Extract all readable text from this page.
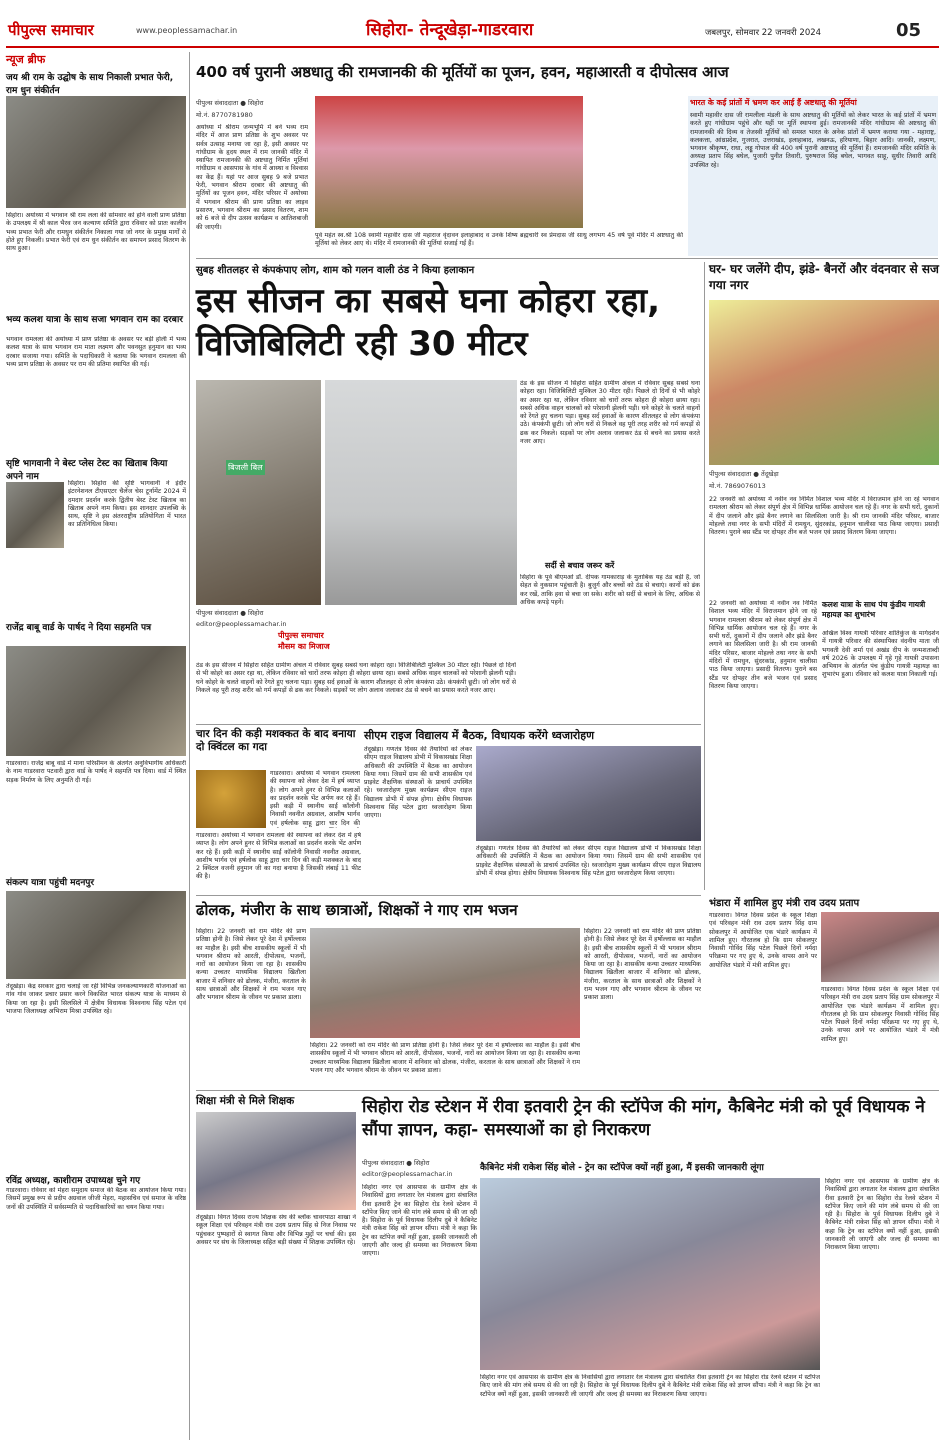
पीपुल्स समाचार	www.peoplessamachar.in	सिहोरा- तेन्दूखेड़ा-गाडरवारा	जबलपुर, सोमवार 22 जनवरी 2024	05
न्यूज ब्रीफ
जय श्री राम के उद्घोष के साथ निकाली प्रभात फेरी, राम धुन संकीर्तन
सिहोरा। अयोध्या में भगवान श्री राम लला की सोमवार को होने वाली प्राण प्रतिष्ठा के उपलक्ष्य में श्री काल भैरव जन कल्याण समिति द्वारा रविवार को प्रातः कालीन भव्य प्रभात फेरी और रामधुन संकीर्तन निकाला गया जो नगर के प्रमुख मार्गों से होते हुए निकली। प्रभात फेरी एवं राम धुन संकीर्तन का समापन प्रसाद वितरण के साथ हुआ।
भव्य कलश यात्रा के साथ सजा भगवान राम का दरबार
भगवान रामलला की अयोध्या में प्राण प्रतिष्ठा के अवसर पर बड़ी होली में भव्य कलश यात्रा के साथ भगवान राम माता लक्ष्मण और पवनसुत हनुमान का भव्य दरबार सजाया गया। समिति के पदाधिकारी ने बताया कि भगवान रामलला की भव्य प्राण प्रतिष्ठा के अवसर पर राम की प्रतिमा स्थापित की गई।
सृष्टि भागवानी ने बेस्ट प्लेस टेस्ट का खिताब किया अपने नाम
सिहोरा। सिहोरा की सृष्टि भागवानी ने इंदौर इंटरनेशनल टीएसएटर चैलेंज चेस टूर्नामेंट 2024 में दमदार प्रदर्शन करके द्वितीय बेस्ट टेस्ट खिताब का खिताब अपने नाम किया। इस शानदार उपलब्धि के साथ, सृष्टि ने इस अंतरराष्ट्रीय प्रतियोगिता में भारत का प्रतिनिधित्व किया।
राजेंद्र बाबू वार्ड के पार्षद ने दिया सहमति पत्र
गाडरवारा। राजेंद्र बाबू वार्ड में माना परिसीमन के अंतर्गत अनुविभागीय अधिकारी के नाम गाडरवारा पटवारी द्वारा वार्ड के पार्षद ने सहमति पत्र दिया। वार्ड में स्थित सड़क निर्माण के लिए अनुमति दी गई।
संकल्प यात्रा पहुंची मदनपुर
तेंदूखेड़ा। केंद्र सरकार द्वारा चलाई जा रही विभिन्न जनकल्याणकारी योजनाओं का गांव गांव जाकर प्रचार प्रसार करने विकसित भारत संकल्प यात्रा के माध्यम से किया जा रहा है। इसी सिलसिले में क्षेत्रीय विधायक विश्वनाथ सिंह पटेल एवं भाजपा जिलाध्यक्ष अभिराम मिश्रा उपस्थित रहे।
रविंद्र अध्यक्ष, काशीराम उपाध्यक्ष चुने गए
गाडरवारा। रविवार को मेहरा समुदाय समाज की बैठक का आयोजन किया गया। जिसमें प्रमुख रूप से प्रदीप अग्रवाल जीजी मेहरा, महासचिव एवं समाज के वरिष्ठ जनों की उपस्थिति में सर्वसम्मति से पदाधिकारियों का चयन किया गया।
400 वर्ष पुरानी अष्ठधातु की रामजानकी की मूर्तियों का पूजन, हवन, महाआरती व दीपोत्सव आज
पीपुल्स संवाददाता ● सिहोरा
मो.नं. 8770781980
अयोध्या में श्रीराम जन्मभूमि में बने भव्य राम मंदिर में आज प्राण प्रतिष्ठा के शुभ अवसर पर सर्वत्र उत्साह मनाया जा रहा है, इसी अवसर पर गांधीग्राम के हृदय स्थल में राम जानकी मंदिर में स्थापित रामजानकी की अष्टधातु निर्मित मूर्तियां गांधीग्राम व आसपास के गांव में आस्था व विश्वास का केंद्र हैं। यहां पर आज सुबह 9 बजे प्रभात फेरी, भगवान श्रीराम दरबार की अष्टधातु की मूर्तियों का पूजन हवन, मंदिर परिसर में अयोध्या में भगवान श्रीराम की प्राण प्रतिष्ठा का लाइव प्रसारण, भगवान श्रीराम का प्रसाद वितरण, शाम को 6 बजे से दीप उत्सव कार्यक्रम व आतिशबाजी की जाएगी।
पूर्व महंत स्व.श्री 108 स्वामी महावीर दास जी महाराज वृंदावन इलाहाबाद व उनके शिष्य ब्रह्मचारी स्व प्रेमदास जी साधु लगभग 45 वर्ष पूर्व मंदिर में अष्टधातु की मूर्तियां को लेकर आए थे। मंदिर में रामजानकी की मूर्तियां सजाई गईं हैं।
भारत के कई प्रांतों में भ्रमण कर आई हैं अष्टधातु की मूर्तियां
स्वामी महावीर दास जी रामलीला मंडली के साथ अष्टधातु की मूर्तियों को लेकर भारत के कई प्रांतों में भ्रमण करते हुए गांधीग्राम पहुंचे और यहीं पर मूर्ति स्थापना हुई। रामजानकी मंदिर गांधीग्राम की अष्टधातु की रामजानकी की दिव्य व तेजस्वी मूर्तियों को समस्त भारत के अनेक प्रांतों में भ्रमण कराया गया - महाराष्ट्र, कलकत्ता, आंध्रप्रदेश, गुजरात, उत्तराखंड, इलाहाबाद, लखनऊ, हरियाणा, बिहार आदि। जानकी, लक्ष्मण, भगवान श्रीकृष्ण, राधा, लड्डू गोपाल की 400 वर्ष पुरानी अष्टधातु की मूर्तियां हैं। रामजानकी मंदिर समिति के अध्यक्ष प्रताप सिंह बघेल, पुजारी पुनीत तिवारी, पुरुषराज सिंह बघेल, भागवत साहू, सुधीर तिवारी आदि उपस्थित रहे।
सुबह शीतलहर से कंपकंपाए लोग, शाम को गलन वाली ठंड ने किया हलाकान
इस सीजन का सबसे घना कोहरा रहा, विजिबिलिटी रही 30 मीटर
बिजली बिल
पीपुल्स संवाददाता ● सिहोरा
editor@peoplessamachar.in
पीपुल्स समाचार
मौसम का मिजाज
ठंड के इस सीजन में सिहोरा सहित ग्रामीण अंचल में रविवार सुबह सबसे घना कोहरा रहा। विजिबिलिटी मुश्किल 30 मीटर रही। पिछले दो दिनों से भी कोहरे का असर रहा था, लेकिन रविवार को चारों तरफ कोहरा ही कोहरा छाया रहा। सबसे अधिक वाहन चालकों को परेशानी झेलनी पड़ी। घने कोहरे के चलते वाहनों को रेंगते हुए चलना पड़ा। सुबह सर्द हवाओं के कारण शीतलहर से लोग कंपकंपा उठे। कंपकंपी छूटी। जो लोग घरों से निकले वह पूरी तरह शरीर को गर्म कपड़ों से ढक कर निकले। सड़कों पर लोग अलाव जलाकर ठंड से बचने का प्रयास करते नजर आए।
ठंड के इस सीजन में सिहोरा सहित ग्रामीण अंचल में रविवार सुबह सबसे घना कोहरा रहा। विजिबिलिटी मुश्किल 30 मीटर रही। पिछले दो दिनों से भी कोहरे का असर रहा था, लेकिन रविवार को चारों तरफ कोहरा ही कोहरा छाया रहा। सबसे अधिक वाहन चालकों को परेशानी झेलनी पड़ी। घने कोहरे के चलते वाहनों को रेंगते हुए चलना पड़ा। सुबह सर्द हवाओं के कारण शीतलहर से लोग कंपकंपा उठे। कंपकंपी छूटी। जो लोग घरों से निकले वह पूरी तरह शरीर को गर्म कपड़ों से ढक कर निकले। सड़कों पर लोग अलाव जलाकर ठंड से बचने का प्रयास करते नजर आए।
सर्दी से बचाव जरूर करें
सिहोरा के पूर्व बीएमओ डॉ. दीपक गामकाराड़ के मुताबिक यह ठंड बड़ी है, जो सेहत से नुकसान पहुंचाती है। बुजुर्ग और बच्चों को ठंड से बचाएं। कानों को ढंक कर रखें, ताकि हवा से बचा जा सके। शरीर को सर्दी से बचाने के लिए, अधिक से अधिक कपड़े पहनें।
घर- घर जलेंगे दीप, झंडे- बैनरों और वंदनवार से सज गया नगर
पीपुल्स संवाददाता ● तेंदूखेड़ा
मो.नं. 7869076013
22 जनवरी को अयोध्या में नवीन नव निर्मित विशाल भव्य मंदिर में विराजमान होने जा रहे भगवान रामलला श्रीराम को लेकर संपूर्ण क्षेत्र में विभिन्न धार्मिक आयोजन चल रहे हैं। नगर के सभी घरों, दुकानों में दीप जलाने और झंडे बैनर लगाने का सिलसिला जारी है। श्री राम जानकी मंदिर परिसर, बाजार मोहल्ले तथा नगर के सभी मंदिरों में रामधुन, सुंदरकांड, हनुमान चालीसा पाठ किया जाएगा। प्रसादी वितरण। पुराने बस स्टैंड पर दोपहर तीन बजे भजन एवं प्रसाद वितरण किया जाएगा।
कलश यात्रा के साथ पंच कुंडीय गायत्री महायज्ञ का शुभारंभ
अखिल विश्व गायत्री परिवार शांतिकुंज के मार्गदर्शन में गायत्री परिवार की संस्थापिका वंदनीय माता जी भगवती देवी शर्मा एवं अखंड दीप के जन्मशताब्दी वर्ष 2026 के उपलक्ष्य में गृहे गृहे गायत्री उपासना अभियान के अंतर्गत पंच कुंडीय गायत्री महायज्ञ का शुभारंभ हुआ। रविवार को कलश यात्रा निकाली गई।
22 जनवरी को अयोध्या में नवीन नव निर्मित विशाल भव्य मंदिर में विराजमान होने जा रहे भगवान रामलला श्रीराम को लेकर संपूर्ण क्षेत्र में विभिन्न धार्मिक आयोजन चल रहे हैं। नगर के सभी घरों, दुकानों में दीप जलाने और झंडे बैनर लगाने का सिलसिला जारी है। श्री राम जानकी मंदिर परिसर, बाजार मोहल्ले तथा नगर के सभी मंदिरों में रामधुन, सुंदरकांड, हनुमान चालीसा पाठ किया जाएगा। प्रसादी वितरण। पुराने बस स्टैंड पर दोपहर तीन बजे भजन एवं प्रसाद वितरण किया जाएगा।
चार दिन की कड़ी मशक्कत के बाद बनाया दो क्विंटल का गदा
गाडरवारा। अयोध्या में भगवान रामलला की स्थापना को लेकर देश में हर्ष व्याप्त है। लोग अपने हुनर से विभिन्न कलाओं का प्रदर्शन करके भेंट अर्पण कर रहे हैं। इसी कड़ी में स्थानीय साईं कॉलोनी निवासी नवनीत अग्रवाल, आशीष भार्गव एवं हर्षलोक साहू द्वारा चार दिन की
गाडरवारा। अयोध्या में भगवान रामलला की स्थापना को लेकर देश में हर्ष व्याप्त है। लोग अपने हुनर से विभिन्न कलाओं का प्रदर्शन करके भेंट अर्पण कर रहे हैं। इसी कड़ी में स्थानीय साईं कॉलोनी निवासी नवनीत अग्रवाल, आशीष भार्गव एवं हर्षलोक साहू द्वारा चार दिन की कड़ी मशक्कत के बाद 2 क्विंटल वजनी हनुमान जी का गदा बनाया है जिसकी लंबाई 11 फीट की है।
सीएम राइज विद्यालय में बैठक, विधायक करेंगे ध्वजारोहण
तेंदूखेड़ा। गणतंत्र दिवस की तैयारियों को लेकर सीएम राइज विद्यालय डोभी में विकासखंड शिक्षा अधिकारी की उपस्थिति में बैठक का आयोजन किया गया। जिसमें ग्राम की सभी शासकीय एवं प्राइवेट शैक्षणिक संस्थाओं के प्राचार्य उपस्थित रहे। ध्वजारोहण मुख्य कार्यक्रम सीएम राइज विद्यालय डोभी में संपन्न होगा। क्षेत्रीय विधायक विश्वनाथ सिंह पटेल द्वारा ध्वजारोहण किया जाएगा।
तेंदूखेड़ा। गणतंत्र दिवस की तैयारियों को लेकर सीएम राइज विद्यालय डोभी में विकासखंड शिक्षा अधिकारी की उपस्थिति में बैठक का आयोजन किया गया। जिसमें ग्राम की सभी शासकीय एवं प्राइवेट शैक्षणिक संस्थाओं के प्राचार्य उपस्थित रहे। ध्वजारोहण मुख्य कार्यक्रम सीएम राइज विद्यालय डोभी में संपन्न होगा। क्षेत्रीय विधायक विश्वनाथ सिंह पटेल द्वारा ध्वजारोहण किया जाएगा।
ढोलक, मंजीरा के साथ छात्राओं, शिक्षकों ने गाए राम भजन
सिहोरा। 22 जनवरी को राम मंदिर की प्राण प्रतिष्ठा होनी है। जिसे लेकर पूरे देश में हर्षोल्लास का माहौल है। इसी बीच शासकीय स्कूलों में भी भगवान श्रीराम को आरती, दीपोत्सव, भजनों, नारों का आयोजन किया जा रहा है। शासकीय कन्या उच्चतर माध्यमिक विद्यालय खितौला बाजार में शनिवार को ढोलक, मंजीरा, करताल के साथ छात्राओं और शिक्षकों ने राम भजन गाए और भगवान श्रीराम के जीवन पर प्रकाश डाला।
सिहोरा। 22 जनवरी को राम मंदिर की प्राण प्रतिष्ठा होनी है। जिसे लेकर पूरे देश में हर्षोल्लास का माहौल है। इसी बीच शासकीय स्कूलों में भी भगवान श्रीराम को आरती, दीपोत्सव, भजनों, नारों का आयोजन किया जा रहा है। शासकीय कन्या उच्चतर माध्यमिक विद्यालय खितौला बाजार में शनिवार को ढोलक, मंजीरा, करताल के साथ छात्राओं और शिक्षकों ने राम भजन गाए और भगवान श्रीराम के जीवन पर प्रकाश डाला।
सिहोरा। 22 जनवरी को राम मंदिर की प्राण प्रतिष्ठा होनी है। जिसे लेकर पूरे देश में हर्षोल्लास का माहौल है। इसी बीच शासकीय स्कूलों में भी भगवान श्रीराम को आरती, दीपोत्सव, भजनों, नारों का आयोजन किया जा रहा है। शासकीय कन्या उच्चतर माध्यमिक विद्यालय खितौला बाजार में शनिवार को ढोलक, मंजीरा, करताल के साथ छात्राओं और शिक्षकों ने राम भजन गाए और भगवान श्रीराम के जीवन पर प्रकाश डाला।
भंडारा में शामिल हुए मंत्री राव उदय प्रताप
गाडरवारा। विगत दिवस प्रदेश के स्कूल शिक्षा एवं परिवहन मंत्री राव उदय प्रताप सिंह ग्राम सोकलपुर में आयोजित एक भंडारे कार्यक्रम में शामिल हुए। गौरतलब हो कि ग्राम सोकलपुर निवासी गोविंद सिंह पटेल पिछले दिनों नर्मदा परिक्रमा पर गए हुए थे, उनके वापस आने पर आयोजित भंडारे में मंत्री शामिल हुए।
गाडरवारा। विगत दिवस प्रदेश के स्कूल शिक्षा एवं परिवहन मंत्री राव उदय प्रताप सिंह ग्राम सोकलपुर में आयोजित एक भंडारे कार्यक्रम में शामिल हुए। गौरतलब हो कि ग्राम सोकलपुर निवासी गोविंद सिंह पटेल पिछले दिनों नर्मदा परिक्रमा पर गए हुए थे, उनके वापस आने पर आयोजित भंडारे में मंत्री शामिल हुए।
शिक्षा मंत्री से मिले शिक्षक
तेंदूखेड़ा। विगत दिवस राज्य शिक्षक संघ की ब्लॉक चावरपाठा शाखा ने स्कूल शिक्षा एवं परिवहन मंत्री राव उदय प्रताप सिंह से निज निवास पर पहुंचकर पुष्पहारों से स्वागत किया और विभिन्न मुद्दों पर चर्चा की। इस अवसर पर संघ के जिलाध्यक्ष सहित बड़ी संख्या में शिक्षक उपस्थित रहे।
सिहोरा रोड स्टेशन में रीवा इतवारी ट्रेन की स्टॉपेज की मांग, कैबिनेट मंत्री को पूर्व विधायक ने सौंपा ज्ञापन, कहा- समस्याओं का हो निराकरण
पीपुल्स संवाददाता ● सिहोरा
editor@peoplessamachar.in
कैबिनेट मंत्री राकेश सिंह बोले - ट्रेन का स्टॉपेज क्यों नहीं हुआ, मैं इसकी जानकारी लूंगा
सिहोरा नगर एवं आसपास के ग्रामीण क्षेत्र के निवासियों द्वारा लगातार रेल मंत्रालय द्वारा संचालित रीवा इतवारी ट्रेन का सिहोरा रोड रेलवे स्टेशन में स्टॉपेज किए जाने की मांग लंबे समय से की जा रही है। सिहोरा के पूर्व विधायक दिलीप दुबे ने कैबिनेट मंत्री राकेश सिंह को ज्ञापन सौंपा। मंत्री ने कहा कि ट्रेन का स्टॉपेज क्यों नहीं हुआ, इसकी जानकारी ली जाएगी और जल्द ही समस्या का निराकरण किया जाएगा।
सिहोरा नगर एवं आसपास के ग्रामीण क्षेत्र के निवासियों द्वारा लगातार रेल मंत्रालय द्वारा संचालित रीवा इतवारी ट्रेन का सिहोरा रोड रेलवे स्टेशन में स्टॉपेज किए जाने की मांग लंबे समय से की जा रही है। सिहोरा के पूर्व विधायक दिलीप दुबे ने कैबिनेट मंत्री राकेश सिंह को ज्ञापन सौंपा। मंत्री ने कहा कि ट्रेन का स्टॉपेज क्यों नहीं हुआ, इसकी जानकारी ली जाएगी और जल्द ही समस्या का निराकरण किया जाएगा।
सिहोरा नगर एवं आसपास के ग्रामीण क्षेत्र के निवासियों द्वारा लगातार रेल मंत्रालय द्वारा संचालित रीवा इतवारी ट्रेन का सिहोरा रोड रेलवे स्टेशन में स्टॉपेज किए जाने की मांग लंबे समय से की जा रही है। सिहोरा के पूर्व विधायक दिलीप दुबे ने कैबिनेट मंत्री राकेश सिंह को ज्ञापन सौंपा। मंत्री ने कहा कि ट्रेन का स्टॉपेज क्यों नहीं हुआ, इसकी जानकारी ली जाएगी और जल्द ही समस्या का निराकरण किया जाएगा।
